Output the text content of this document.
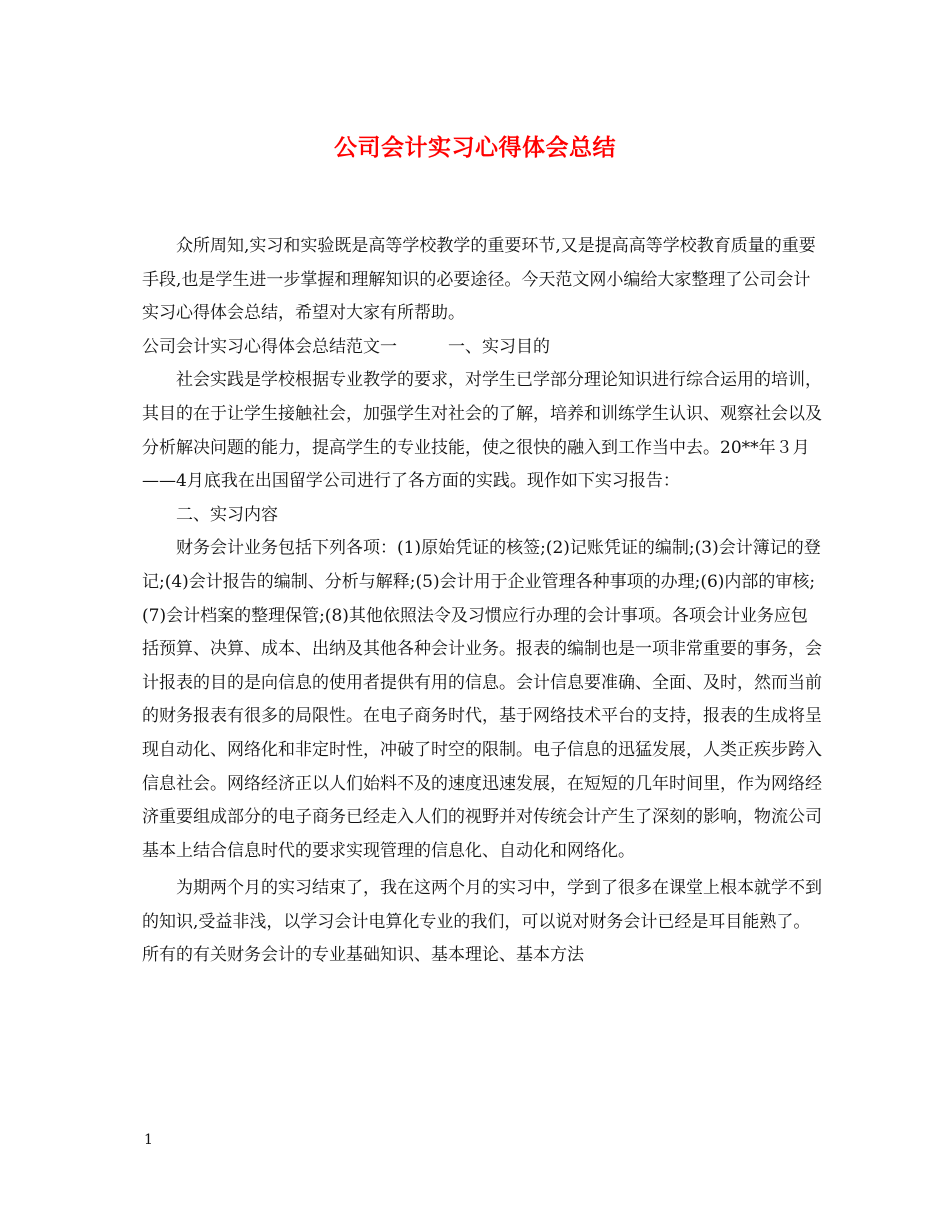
公司会计实习心得体会总结

众所周知,实习和实验既是高等学校教学的重要环节,又是提高高等学校教育质量的重要手段,也是学生进一步掌握和理解知识的必要途径。今天范文网小编给大家整理了公司会计实习心得体会总结，希望对大家有所帮助。

公司会计实习心得体会总结范文一　　　一、实习目的

社会实践是学校根据专业教学的要求，对学生已学部分理论知识进行综合运用的培训，其目的在于让学生接触社会，加强学生对社会的了解，培养和训练学生认识、观察社会以及分析解决问题的能力，提高学生的专业技能，使之很快的融入到工作当中去。20**年３月——4月底我在出国留学公司进行了各方面的实践。现作如下实习报告：

二、实习内容

财务会计业务包括下列各项：(1)原始凭证的核签;(2)记账凭证的编制;(3)会计簿记的登记;(4)会计报告的编制、分析与解释;(5)会计用于企业管理各种事项的办理;(6)内部的审核;(7)会计档案的整理保管;(8)其他依照法令及习惯应行办理的会计事项。各项会计业务应包括预算、决算、成本、出纳及其他各种会计业务。报表的编制也是一项非常重要的事务，会计报表的目的是向信息的使用者提供有用的信息。会计信息要准确、全面、及时，然而当前的财务报表有很多的局限性。在电子商务时代，基于网络技术平台的支持，报表的生成将呈现自动化、网络化和非定时性，冲破了时空的限制。电子信息的迅猛发展，人类正疾步跨入信息社会。网络经济正以人们始料不及的速度迅速发展，在短短的几年时间里，作为网络经济重要组成部分的电子商务已经走入人们的视野并对传统会计产生了深刻的影响，物流公司基本上结合信息时代的要求实现管理的信息化、自动化和网络化。

为期两个月的实习结束了，我在这两个月的实习中，学到了很多在课堂上根本就学不到的知识,受益非浅，以学习会计电算化专业的我们，可以说对财务会计已经是耳目能熟了。所有的有关财务会计的专业基础知识、基本理论、基本方法

1
